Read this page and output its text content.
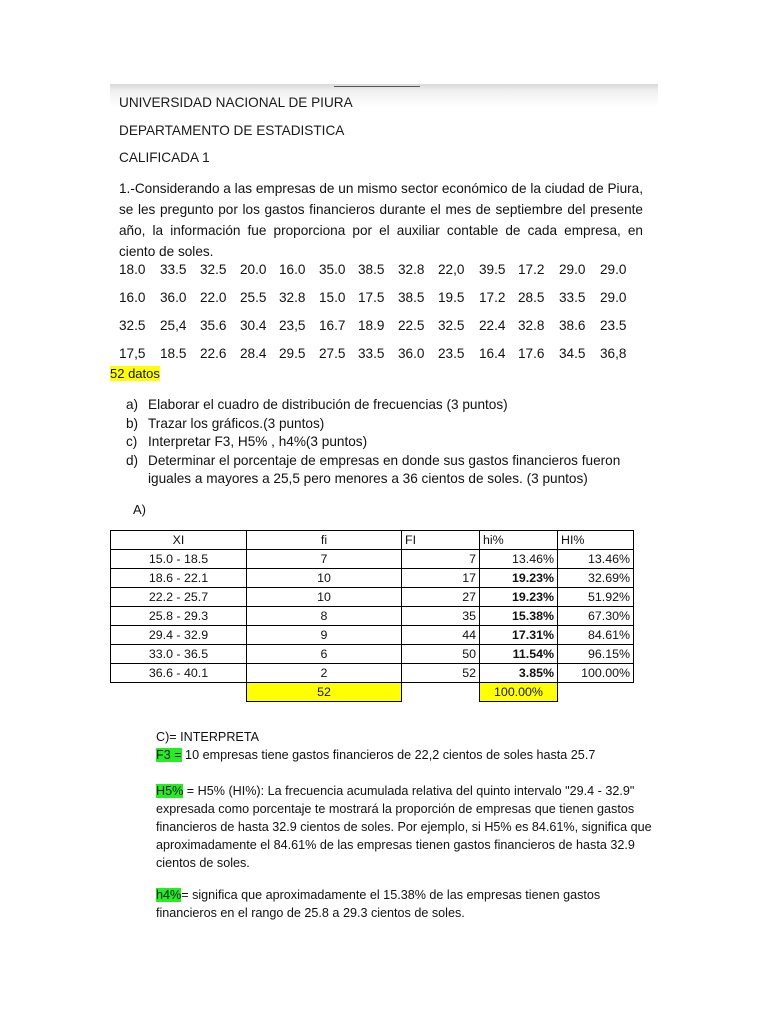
UNIVERSIDAD NACIONAL DE PIURA
DEPARTAMENTO DE ESTADISTICA
CALIFICADA 1
1.-Considerando a las empresas de un mismo sector económico de la ciudad de Piura, se les pregunto por los gastos financieros durante el mes de septiembre del presente año, la información fue proporciona por el auxiliar contable de cada empresa, en ciento de soles.
18.0 33.5 32.5 20.0 16.0 35.0 38.5 32.8 22,0 39.5 17.2 29.0 29.0
16.0 36.0 22.0 25.5 32.8 15.0 17.5 38.5 19.5 17.2 28.5 33.5 29.0
32.5 25,4 35.6 30.4 23,5 16.7 18.9 22.5 32.5 22.4 32.8 38.6 23.5
17,5 18.5 22.6 28.4 29.5 27.5 33.5 36.0 23.5 16.4 17.6 34.5 36,8
52 datos
a) Elaborar el cuadro de distribución de frecuencias (3 puntos)
b) Trazar los gráficos.(3 puntos)
c) Interpretar F3, H5% , h4%(3 puntos)
d) Determinar el porcentaje de empresas en donde sus gastos financieros fueron iguales a mayores a 25,5 pero menores a 36 cientos de soles. (3 puntos)
A)
XI	fi	FI	hi%	HI%
15.0 - 18.5	7	7	13.46%	13.46%
18.6 - 22.1	10	17	19.23%	32.69%
22.2 - 25.7	10	27	19.23%	51.92%
25.8 - 29.3	8	35	15.38%	67.30%
29.4 - 32.9	9	44	17.31%	84.61%
33.0 - 36.5	6	50	11.54%	96.15%
36.6 - 40.1	2	52	3.85%	100.00%
	52		100.00%	
C)= INTERPRETA
F3 = 10 empresas tiene gastos financieros de 22,2 cientos de soles hasta 25.7
H5% = H5% (HI%): La frecuencia acumulada relativa del quinto intervalo "29.4 - 32.9"
expresada como porcentaje te mostrará la proporción de empresas que tienen gastos
financieros de hasta 32.9 cientos de soles. Por ejemplo, si H5% es 84.61%, significa que
aproximadamente el 84.61% de las empresas tienen gastos financieros de hasta 32.9
cientos de soles.
h4%= significa que aproximadamente el 15.38% de las empresas tienen gastos
financieros en el rango de 25.8 a 29.3 cientos de soles.
